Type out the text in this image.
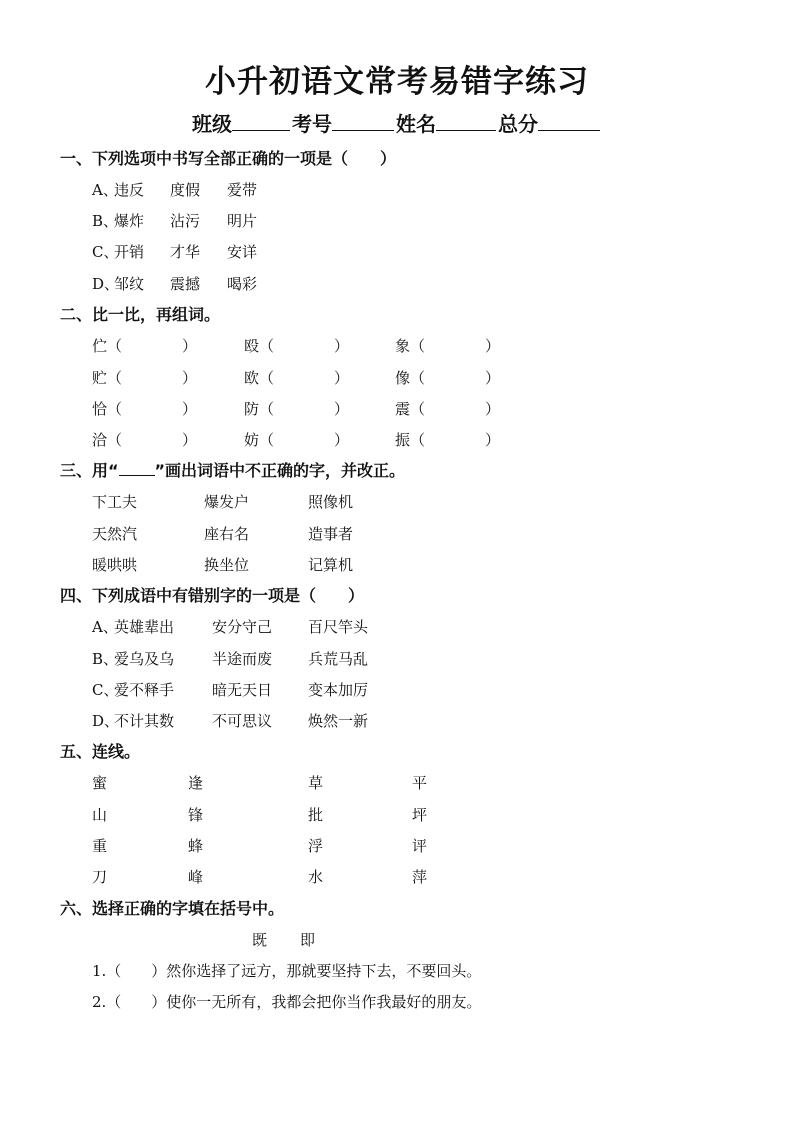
小升初语文常考易错字练习
班级	考号	姓名	总分
一、下列选项中书写全部正确的一项是（　　）
A、
违反 度假 爱带
B、
爆炸 沾污 明片
C、
开销 才华 安详
D、
邹纹 震撼 喝彩
二、比一比，再组词。
伫（　　　　）	殴（　　　　）	象（　　　　）
贮（　　　　）	欧（　　　　）	像（　　　　）
恰（　　　　）	防（　　　　）	震（　　　　）
洽（　　　　）	妨（　　　　）	振（　　　　）
三、用“ ”画出词语中不正确的字，并改正。
下工夫	爆发户	照像机
天然汽	座右名	造事者
暖哄哄	换坐位	记算机
四、下列成语中有错别字的一项是（　　）
A、
英雄辈出	安分守己 百尺竿头
B、
爱乌及乌	半途而废 兵荒马乱
C、
爱不释手	暗无天日 变本加厉
D、
不计其数	不可思议 焕然一新
五、连线。
蜜	逢	草	平
山	锋	批	坪
重	蜂	浮	评
刀	峰	水	萍
六、选择正确的字填在括号中。
既 即
1.（　　）然你选择了远方，那就要坚持下去，不要回头。
2.（　　）使你一无所有，我都会把你当作我最好的朋友。
